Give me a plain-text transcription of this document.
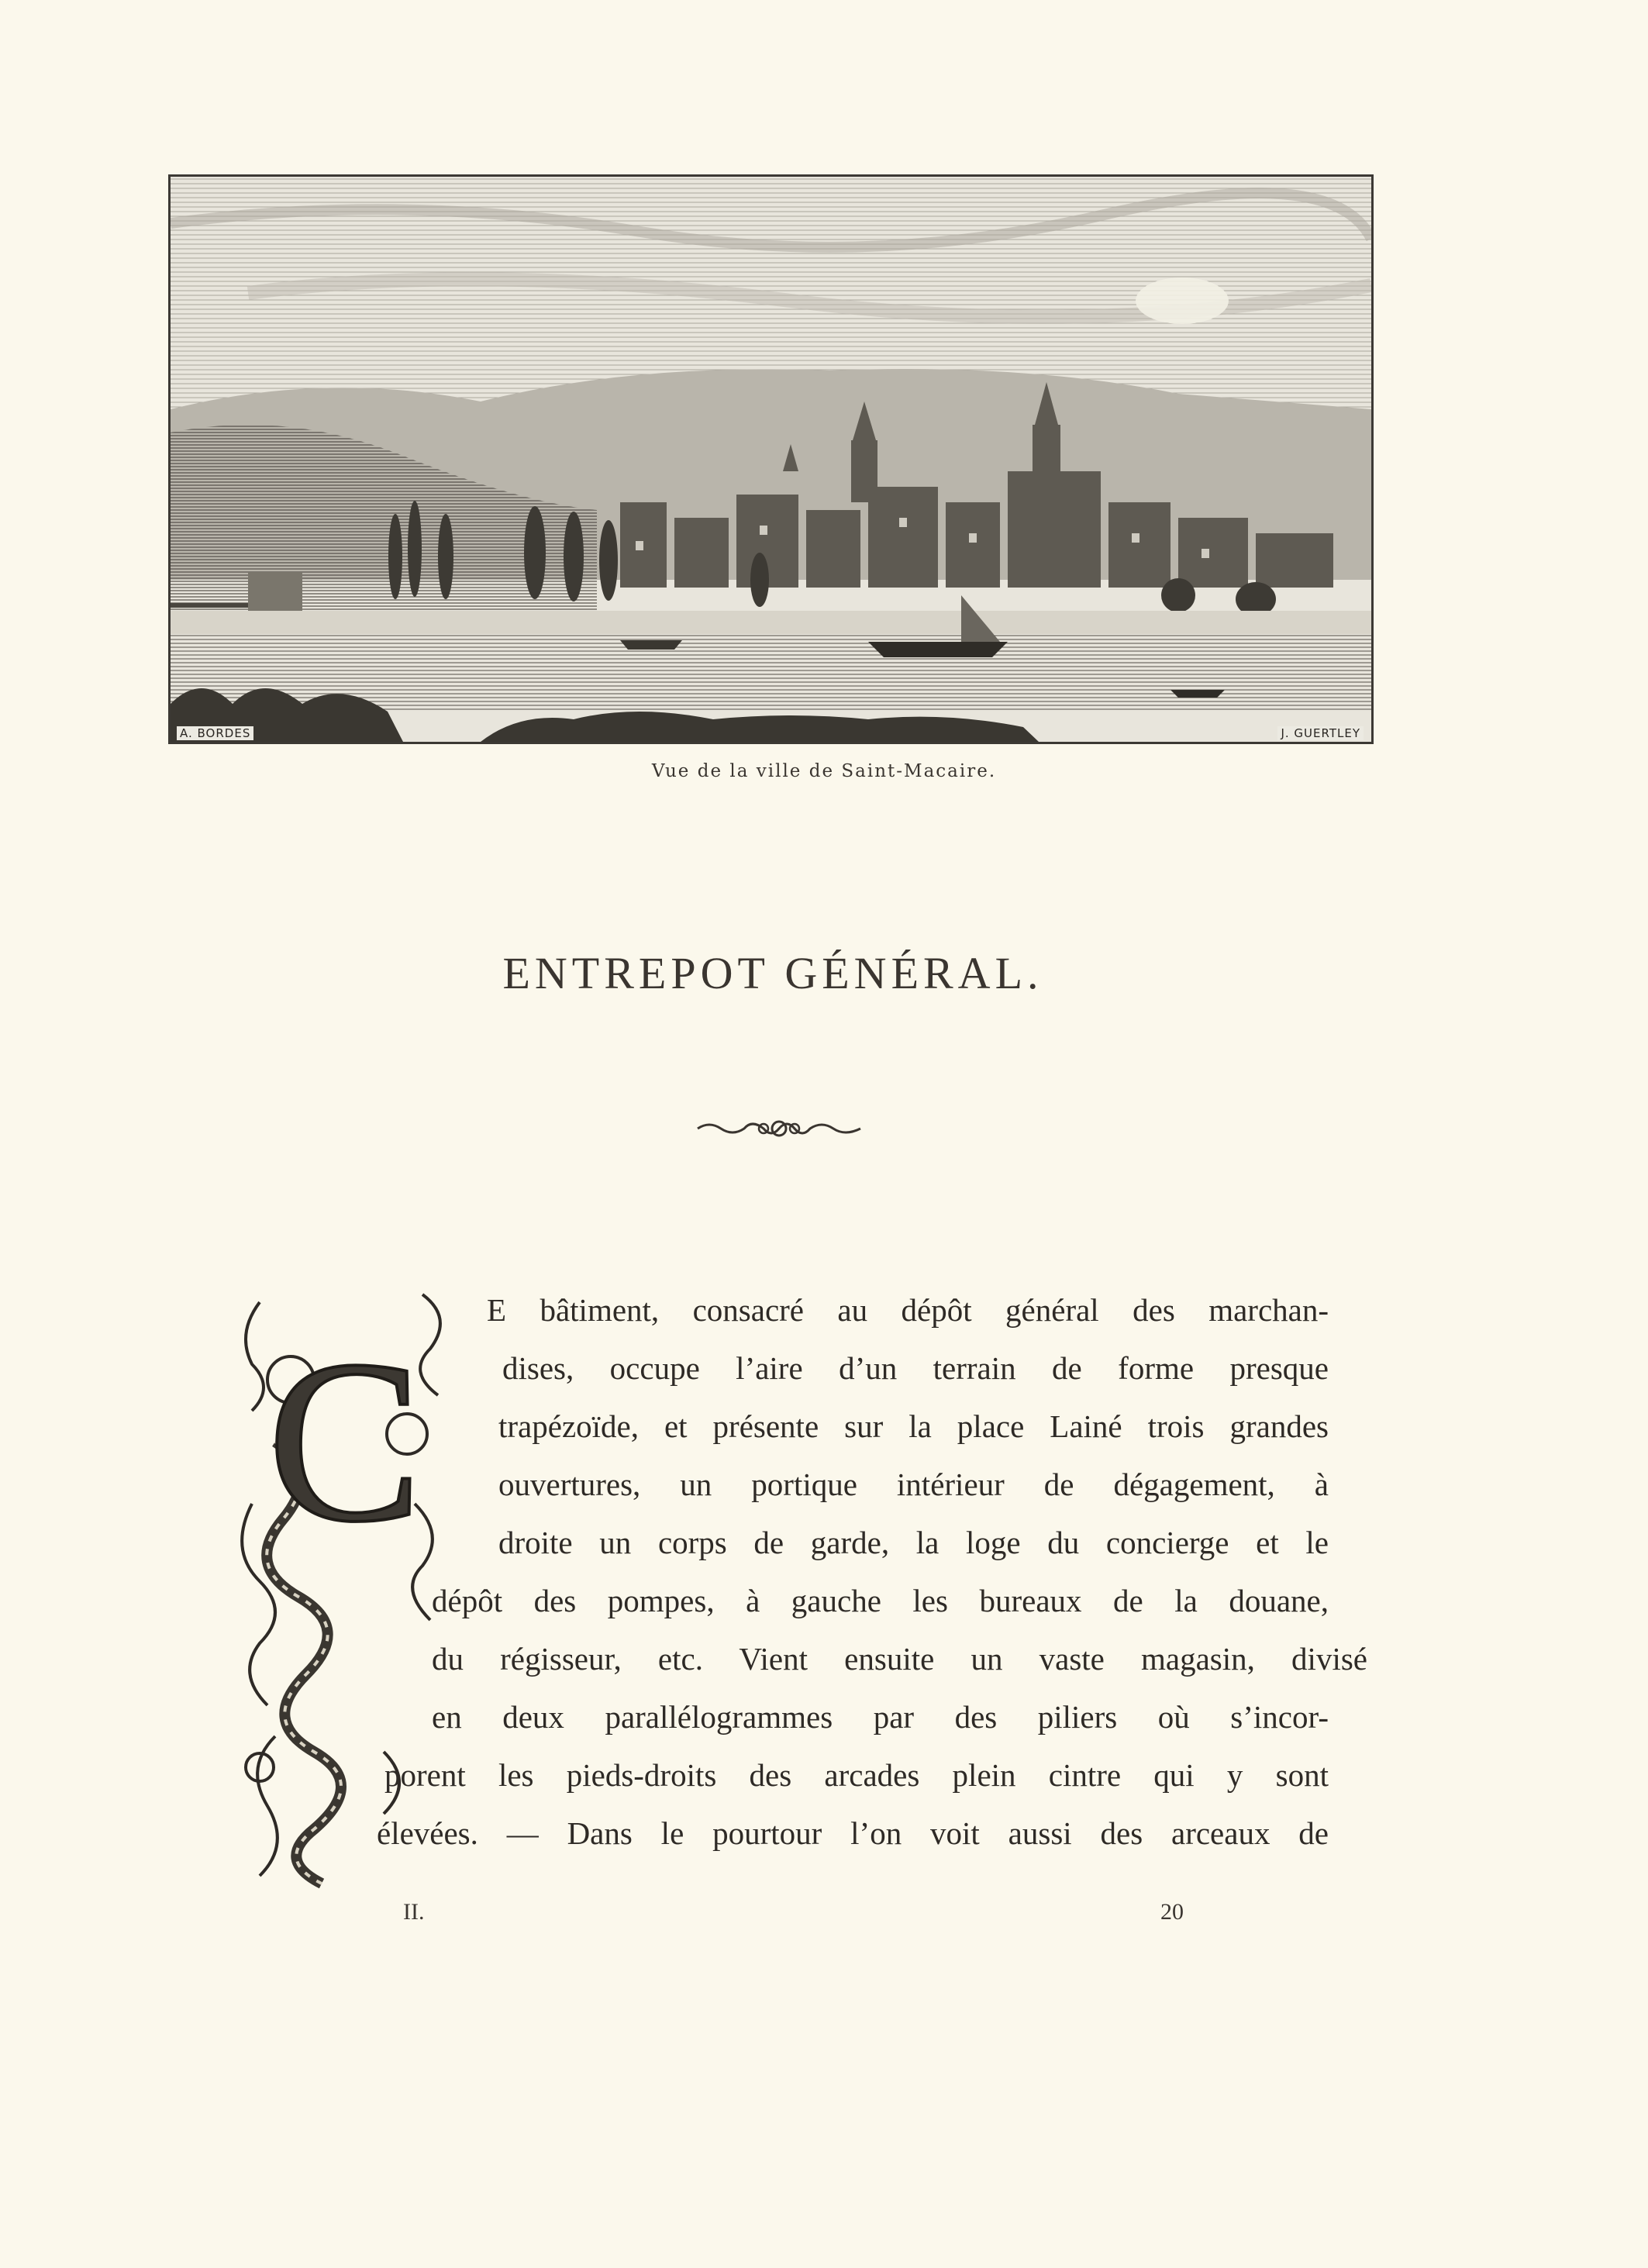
A. BORDES	J. GUERTLEY
Vue de la ville de Saint-Macaire.
ENTREPOT GÉNÉRAL.
C
E bâtiment, consacré au dépôt général des marchan-
dises, occupe l’aire d’un terrain de forme presque
trapézoïde, et présente sur la place Lainé trois grandes
ouvertures, un portique intérieur de dégagement, à
droite un corps de garde, la loge du concierge et le
dépôt des pompes, à gauche les bureaux de la douane,
du régisseur, etc. Vient ensuite un vaste magasin, divisé
en deux parallélogrammes par des piliers où s’incor-
porent les pieds-droits des arcades plein cintre qui y sont
élevées. — Dans le pourtour l’on voit aussi des arceaux de
II.	20
